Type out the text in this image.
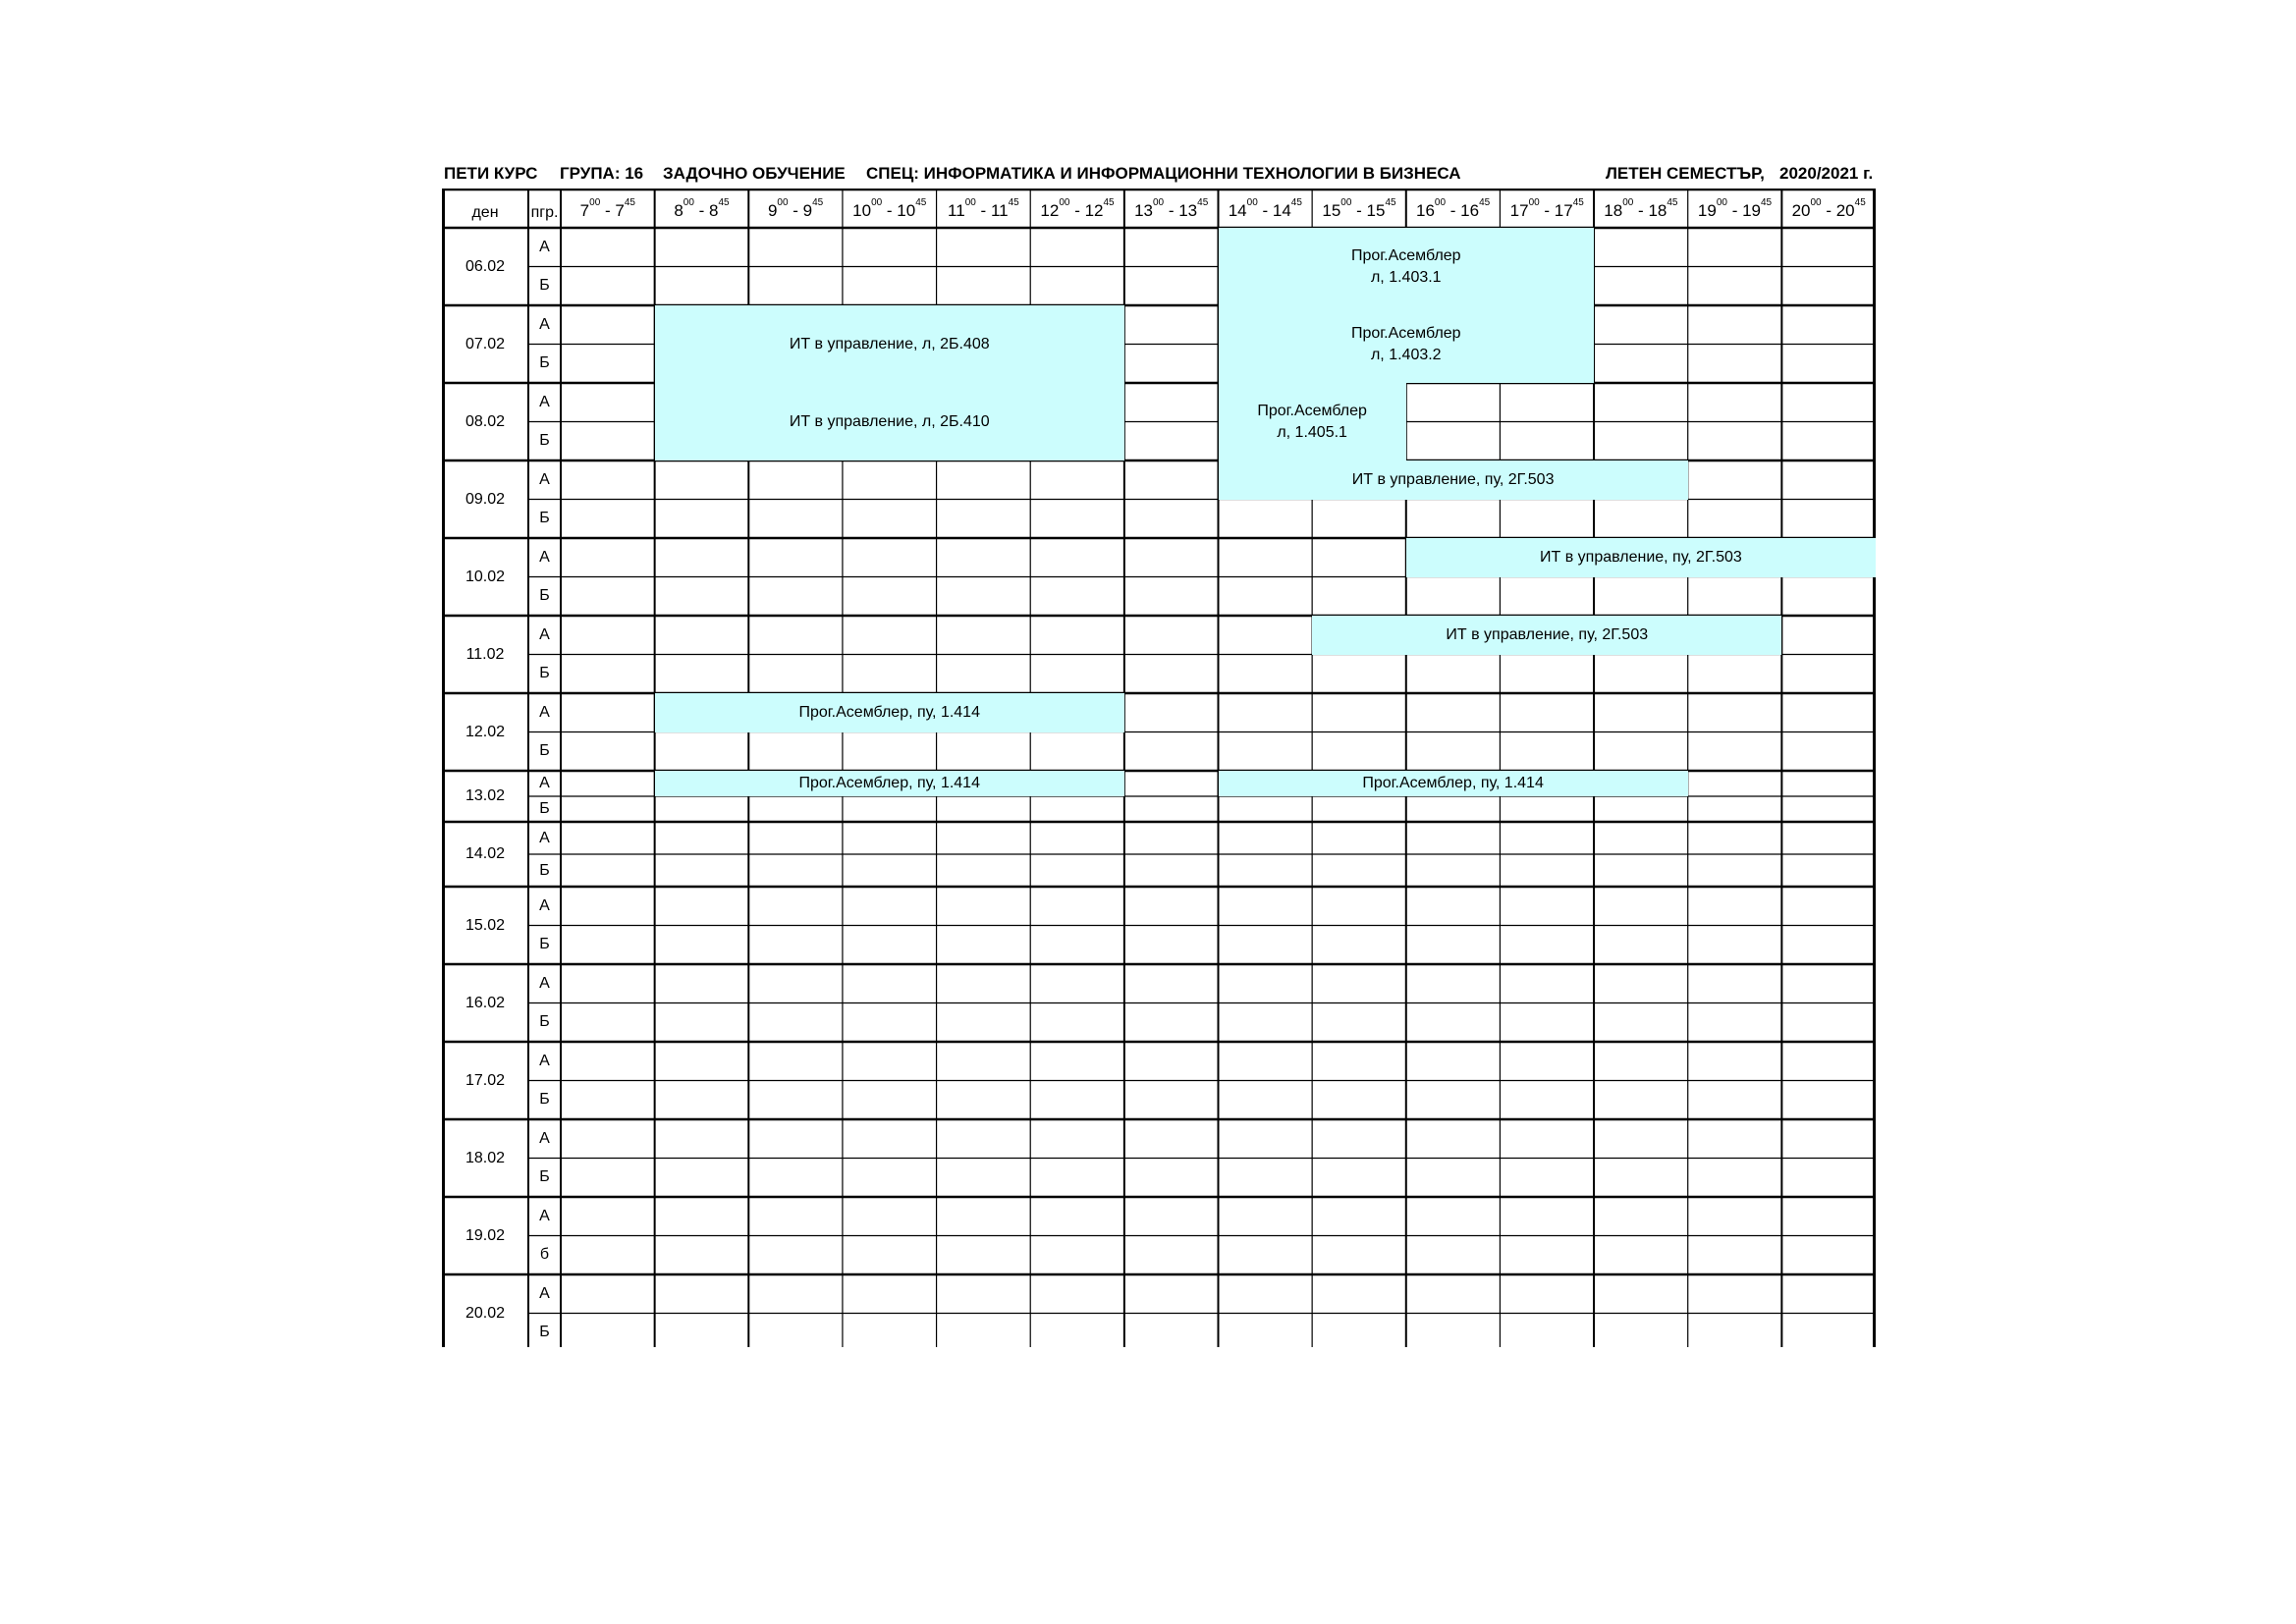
ПЕТИ КУРС ГРУПА: 16 ЗАДОЧНО ОБУЧЕНИЕ СПЕЦ: ИНФОРМАТИКА И ИНФОРМАЦИОННИ ТЕХНОЛОГИИ В БИЗНЕСА	ЛЕТЕН СЕМЕСТЪР, 2020/2021 г.
Прог.Асемблер
л, 1.403.1
ИТ в управление, л, 2Б.408
Прог.Асемблер
л, 1.403.2
ИТ в управление, л, 2Б.410
Прог.Асемблер
л, 1.405.1
ИТ в управление, пу, 2Г.503
ИТ в управление, пу, 2Г.503
ИТ в управление, пу, 2Г.503
Прог.Асемблер, пу, 1.414
Прог.Асемблер, пу, 1.414	Прог.Асемблер, пу, 1.414
ден пгр. $7^{00} - 7^{45}$ $8^{00} - 8^{45}$ $9^{00} - 9^{45}$ $10^{00} - 10^{45}$ $11^{00} - 11^{45}$ $12^{00} - 12^{45}$ $13^{00} - 13^{45}$ $14^{00} - 14^{45}$ $15^{00} - 15^{45}$ $16^{00} - 16^{45}$ $17^{00} - 17^{45}$ $18^{00} - 18^{45}$ $19^{00} - 19^{45}$ $20^{00} - 20^{45}$
06.02
А
Б
07.02
А
Б
08.02
А
Б
09.02
А
Б
10.02
А
Б
11.02
А
Б
12.02
А
Б
13.02
А
Б
14.02
А
Б
15.02
А
Б
16.02
А
Б
17.02
А
Б
18.02
А
Б
19.02
А
б
20.02
А
Б
